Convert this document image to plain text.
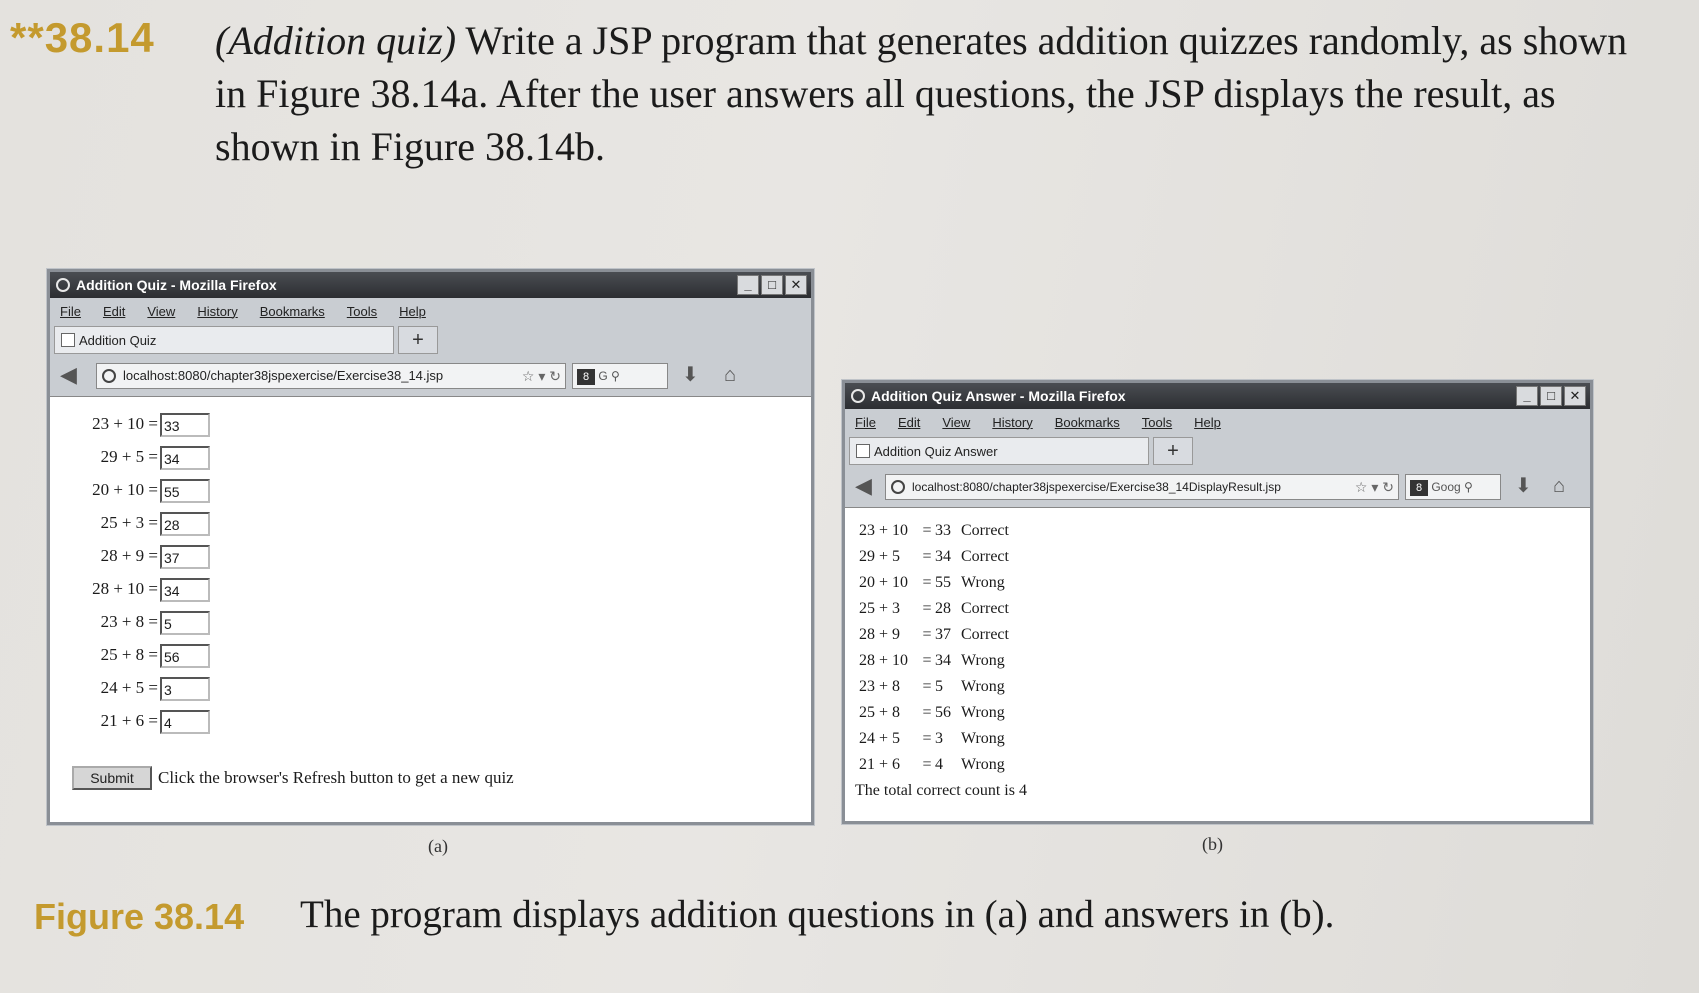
**38.14 (Addition quiz) Write a JSP program that generates addition quizzes randomly, as shown in Figure 38.14a. After the user answers all questions, the JSP displays the result, as shown in Figure 38.14b.
Addition Quiz - Mozilla Firefox	_	□	✕
File Edit View History Bookmarks Tools Help
Addition Quiz	+
◀	localhost:8080/chapter38jspexercise/Exercise38_14.jsp	☆ ▾ ↻	8 G ⚲	⬇ ⌂
23 + 10 = 33
29 + 5 = 34
20 + 10 = 55
25 + 3 = 28
28 + 9 = 37
28 + 10 = 34
23 + 8 = 5
25 + 8 = 56
24 + 5 = 3
21 + 6 = 4
Submit	Click the browser's Refresh button to get a new quiz
(a)
Addition Quiz Answer - Mozilla Firefox	_	□	✕
File Edit View History Bookmarks Tools Help
Addition Quiz Answer	+
◀	localhost:8080/chapter38jspexercise/Exercise38_14DisplayResult.jsp	☆ ▾ ↻	8 Goog ⚲	⬇ ⌂
23 + 10 = 33 Correct
29 + 5 = 34 Correct
20 + 10 = 55 Wrong
25 + 3 = 28 Correct
28 + 9 = 37 Correct
28 + 10 = 34 Wrong
23 + 8 = 5 Wrong
25 + 8 = 56 Wrong
24 + 5 = 3 Wrong
21 + 6 = 4 Wrong
The total correct count is 4
(b)
Figure 38.14 The program displays addition questions in (a) and answers in (b).
